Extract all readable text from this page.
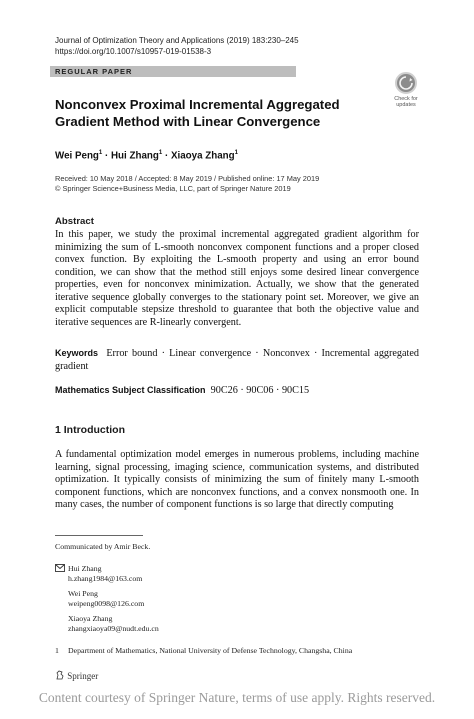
Journal of Optimization Theory and Applications (2019) 183:230–245
https://doi.org/10.1007/s10957-019-01538-3
REGULAR PAPER
Check for updates
Nonconvex Proximal Incremental Aggregated Gradient Method with Linear Convergence
Wei Peng$^1$ · Hui Zhang$^1$ · Xiaoya Zhang$^1$
Received: 10 May 2018 / Accepted: 8 May 2019 / Published online: 17 May 2019
© Springer Science+Business Media, LLC, part of Springer Nature 2019
Abstract
In this paper, we study the proximal incremental aggregated gradient algorithm for minimizing the sum of L-smooth nonconvex component functions and a proper closed convex function. By exploiting the L-smooth property and using an error bound condition, we can show that the method still enjoys some desired linear convergence properties, even for nonconvex minimization. Actually, we show that the generated iterative sequence globally converges to the stationary point set. Moreover, we give an explicit computable stepsize threshold to guarantee that both the objective value and iterative sequences are R-linearly convergent.
Keywords Error bound · Linear convergence · Nonconvex · Incremental aggregated gradient
Mathematics Subject Classification 90C26 · 90C06 · 90C15
1 Introduction
A fundamental optimization model emerges in numerous problems, including machine learning, signal processing, imaging science, communication systems, and distributed optimization. It typically consists of minimizing the sum of finitely many L-smooth component functions, which are nonconvex functions, and a convex nonsmooth one. In many cases, the number of component functions is so large that directly computing
Communicated by Amir Beck.
Hui Zhang
h.zhang1984@163.com
Wei Peng
weipeng0098@126.com
Xiaoya Zhang
zhangxiaoya09@nudt.edu.cn
1 Department of Mathematics, National University of Defense Technology, Changsha, China
Springer
Content courtesy of Springer Nature, terms of use apply. Rights reserved.
